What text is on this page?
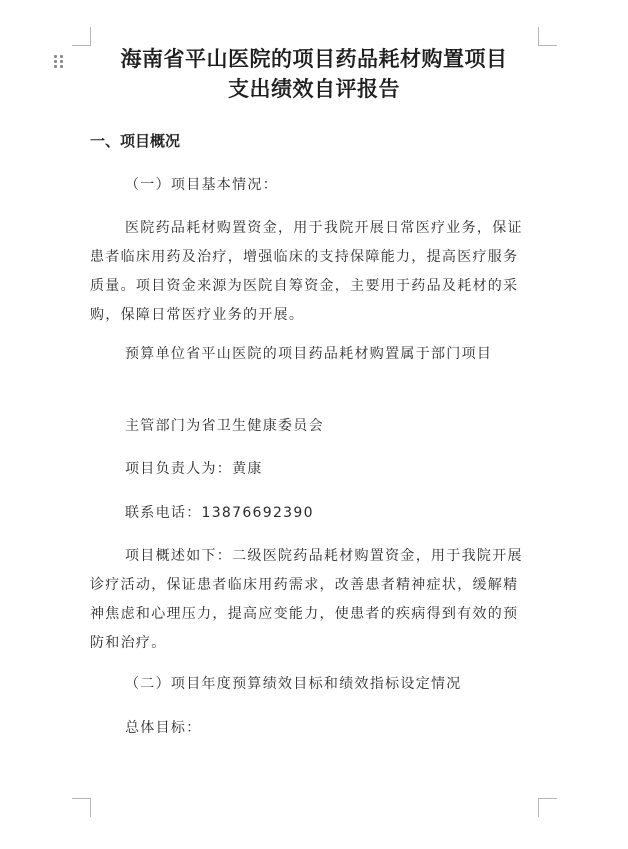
海南省平山医院的项目药品耗材购置项目
支出绩效自评报告
一、项目概况

（一）项目基本情况：

医院药品耗材购置资金，用于我院开展日常医疗业务，保证患者临床用药及治疗，增强临床的支持保障能力，提高医疗服务质量。项目资金来源为医院自筹资金，主要用于药品及耗材的采购，保障日常医疗业务的开展。

预算单位省平山医院的项目药品耗材购置属于部门项目

主管部门为省卫生健康委员会

项目负责人为：黄康

联系电话：13876692390

项目概述如下：二级医院药品耗材购置资金，用于我院开展诊疗活动，保证患者临床用药需求，改善患者精神症状，缓解精神焦虑和心理压力，提高应变能力，使患者的疾病得到有效的预防和治疗。

（二）项目年度预算绩效目标和绩效指标设定情况

总体目标：
